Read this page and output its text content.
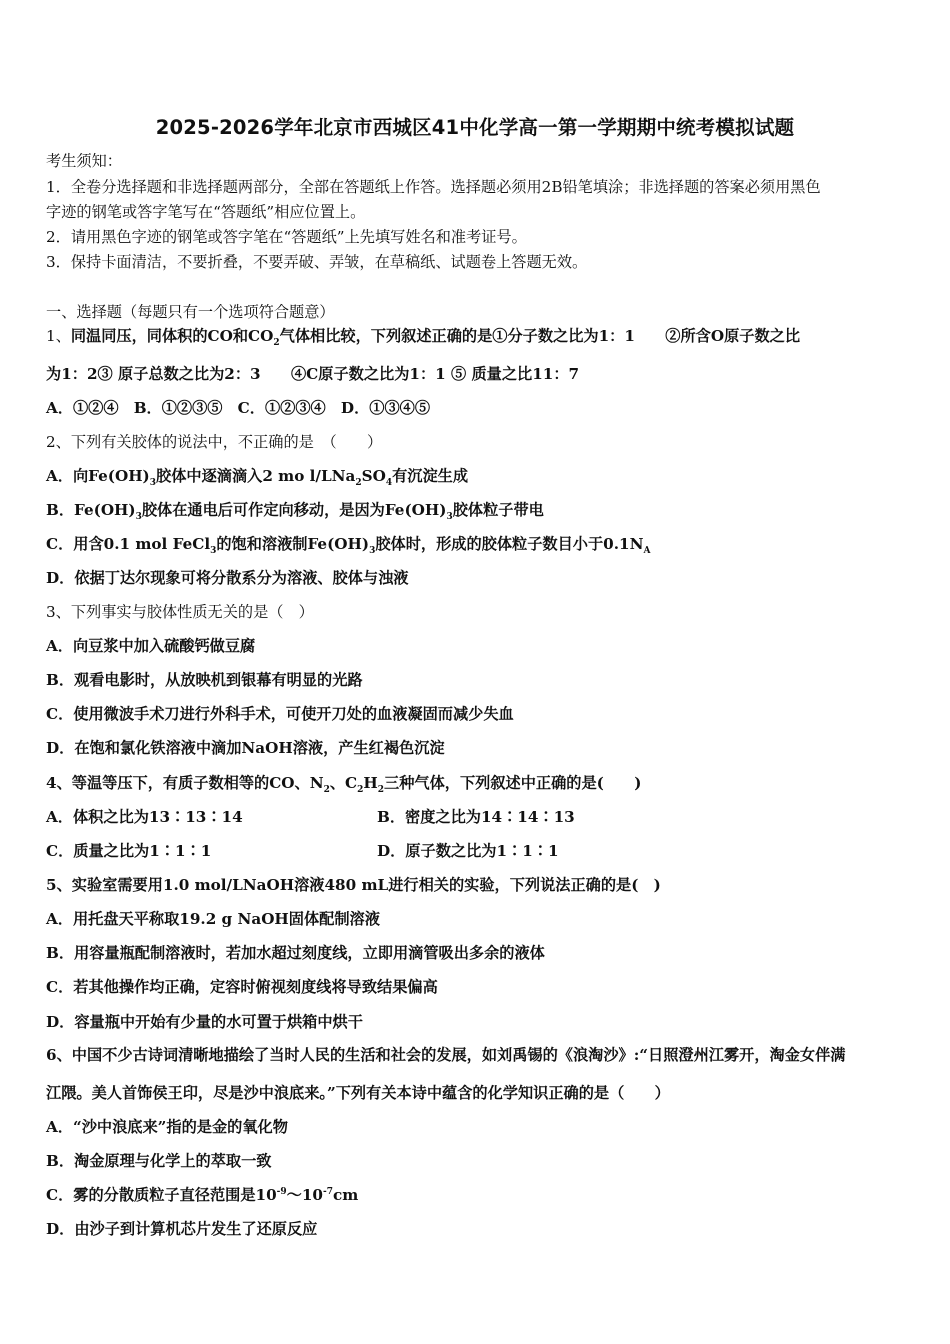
2025-2026学年北京市西城区41中化学高一第一学期期中统考模拟试题
考生须知：
1．全卷分选择题和非选择题两部分，全部在答题纸上作答。选择题必须用2B铅笔填涂；非选择题的答案必须用黑色
字迹的钢笔或答字笔写在“答题纸”相应位置上。
2．请用黑色字迹的钢笔或答字笔在“答题纸”上先填写姓名和准考证号。
3．保持卡面清洁，不要折叠，不要弄破、弄皱，在草稿纸、试题卷上答题无效。
一、选择题（每题只有一个选项符合题意）
1、同温同压，同体积的CO和$CO_2$气体相比较，下列叙述正确的是①分子数之比为1：1　　②所含O原子数之比
为1：2③ 原子总数之比为2：3　　④C原子数之比为1：1 ⑤ 质量之比11：7
A．①②④　B．①②③⑤　C．①②③④　D．①③④⑤
2、下列有关胶体的说法中，不正确的是　（　　）
A．向$Fe(OH)_3$胶体中逐滴滴入2 mo $l/LNa_2SO_4$有沉淀生成
B．$Fe(OH)_3$胶体在通电后可作定向移动，是因为$Fe(OH)_3$胶体粒子带电
C．用含0.1 mol FeCl$_3$的饱和溶液制$Fe(OH)_3$胶体时，形成的胶体粒子数目小于$0.1N_A$
D．依据丁达尔现象可将分散系分为溶液、胶体与浊液
3、下列事实与胶体性质无关的是（　）
A．向豆浆中加入硫酸钙做豆腐
B．观看电影时，从放映机到银幕有明显的光路
C．使用微波手术刀进行外科手术，可使开刀处的血液凝固而减少失血
D．在饱和氯化铁溶液中滴加NaOH溶液，产生红褐色沉淀
4、等温等压下，有质子数相等的CO、$N_2$、$C_2H_2$三种气体，下列叙述中正确的是(　　)
A．体积之比为13∶13∶14	B．密度之比为14∶14∶13
C．质量之比为1∶1∶1	D．原子数之比为1∶1∶1
5、实验室需要用1.0 mol/LNaOH溶液480 mL进行相关的实验，下列说法正确的是(　)
A．用托盘天平称取19.2 g NaOH固体配制溶液
B．用容量瓶配制溶液时，若加水超过刻度线，立即用滴管吸出多余的液体
C．若其他操作均正确，定容时俯视刻度线将导致结果偏高
D．容量瓶中开始有少量的水可置于烘箱中烘干
6、中国不少古诗词清晰地描绘了当时人民的生活和社会的发展，如刘禹锡的《浪淘沙》:“日照澄州江雾开，淘金女伴满
江隈。美人首饰侯王印，尽是沙中浪底来。”下列有关本诗中蕴含的化学知识正确的是（　　）
A．“沙中浪底来”指的是金的氧化物
B．淘金原理与化学上的萃取一致
C．雾的分散质粒子直径范围是$10^{-9}\sim 10^{-7}cm$
D．由沙子到计算机芯片发生了还原反应
